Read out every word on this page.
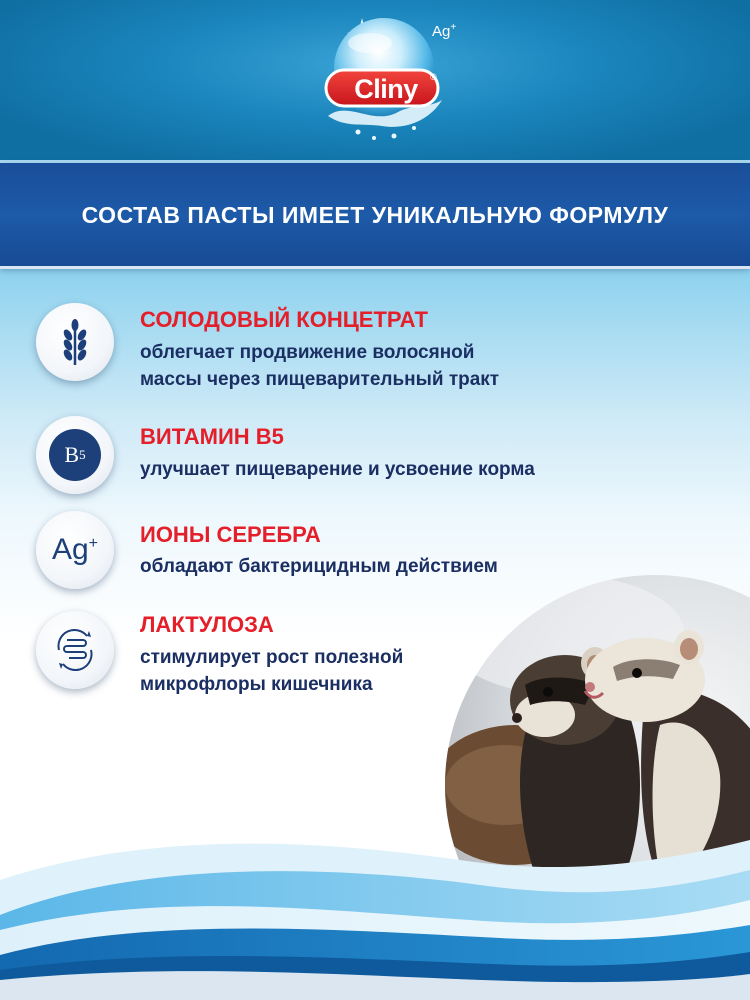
Cliny	®
Ag+
СОСТАВ ПАСТЫ ИМЕЕТ УНИКАЛЬНУЮ ФОРМУЛУ
СОЛОДОВЫЙ КОНЦЕТРАТ
облегчает продвижение волосяной
массы через пищеварительный тракт
B 5
ВИТАМИН В5
улучшает пищеварение и усвоение корма
Ag+ ИОНЫ СЕРЕБРА
обладают бактерицидным действием
ЛАКТУЛОЗА
стимулирует рост полезной
микрофлоры кишечника
